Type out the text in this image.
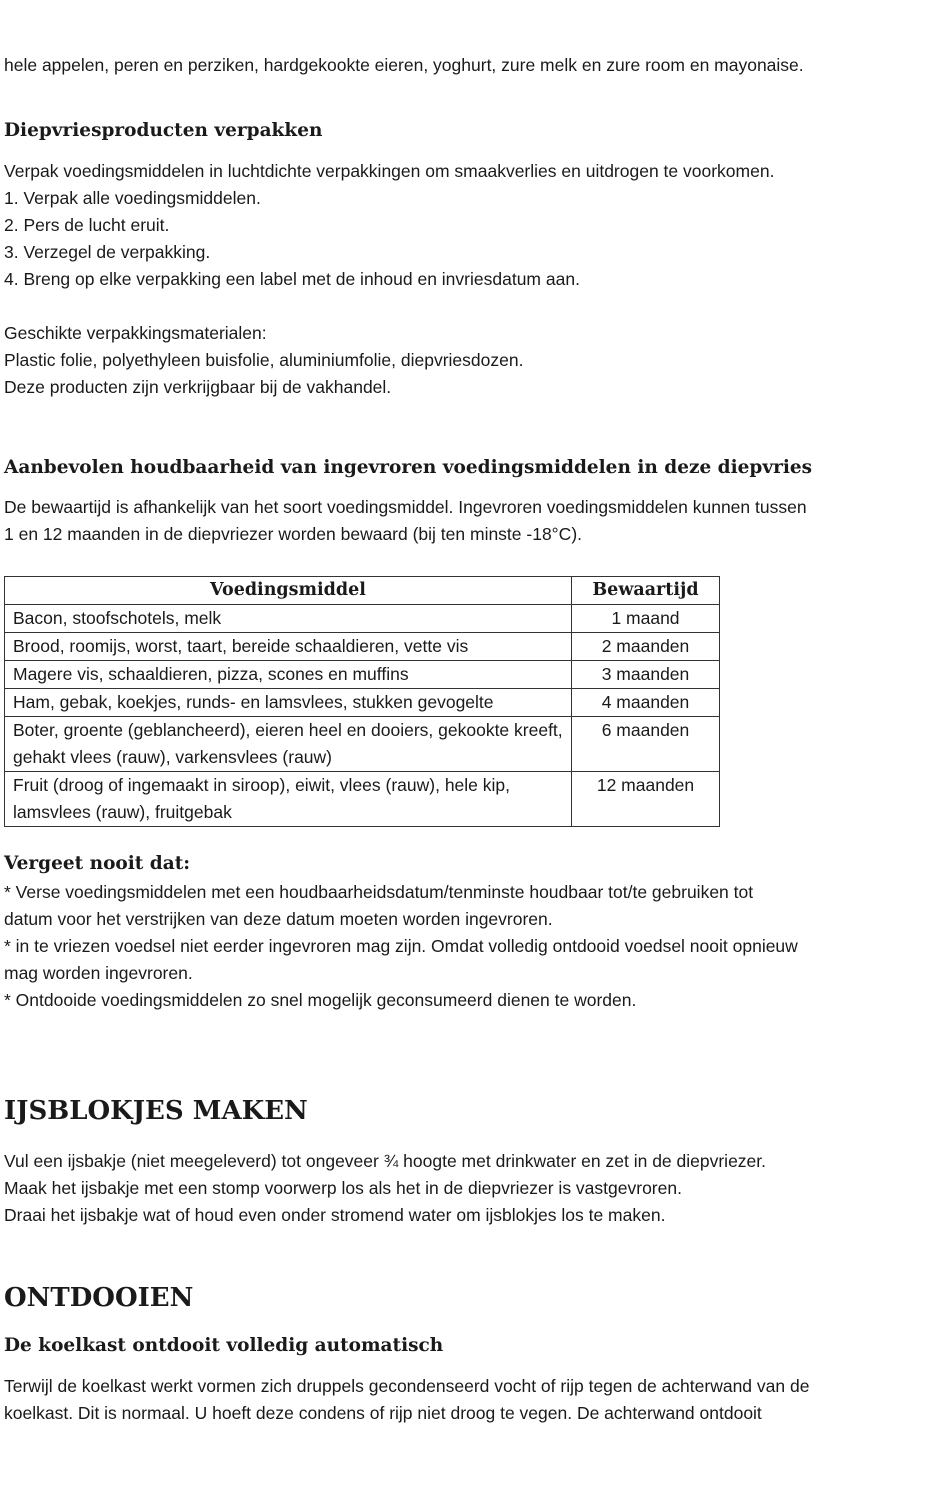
hele appelen, peren en perziken, hardgekookte eieren, yoghurt, zure melk en zure room en mayonaise.

Diepvriesproducten verpakken

Verpak voedingsmiddelen in luchtdichte verpakkingen om smaakverlies en uitdrogen te voorkomen.

1. Verpak alle voedingsmiddelen.

2. Pers de lucht eruit.

3. Verzegel de verpakking.

4. Breng op elke verpakking een label met de inhoud en invriesdatum aan.

Geschikte verpakkingsmaterialen:

Plastic folie, polyethyleen buisfolie, aluminiumfolie, diepvriesdozen.

Deze producten zijn verkrijgbaar bij de vakhandel.

Aanbevolen houdbaarheid van ingevroren voedingsmiddelen in deze diepvries

De bewaartijd is afhankelijk van het soort voedingsmiddel. Ingevroren voedingsmiddelen kunnen tussen

1 en 12 maanden in de diepvriezer worden bewaard (bij ten minste -18°C).

Voedingsmiddel	Bewaartijd
Bacon, stoofschotels, melk	1 maand
Brood, roomijs, worst, taart, bereide schaaldieren, vette vis	2 maanden
Magere vis, schaaldieren, pizza, scones en muffins	3 maanden
Ham, gebak, koekjes, runds- en lamsvlees, stukken gevogelte	4 maanden
Boter, groente (geblancheerd), eieren heel en dooiers, gekookte kreeft, gehakt vlees (rauw), varkensvlees (rauw)	6 maanden
Fruit (droog of ingemaakt in siroop), eiwit, vlees (rauw), hele kip, lamsvlees (rauw), fruitgebak	12 maanden
Vergeet nooit dat:

* Verse voedingsmiddelen met een houdbaarheidsdatum/tenminste houdbaar tot/te gebruiken tot

datum voor het verstrijken van deze datum moeten worden ingevroren.

* in te vriezen voedsel niet eerder ingevroren mag zijn. Omdat volledig ontdooid voedsel nooit opnieuw

mag worden ingevroren.

* Ontdooide voedingsmiddelen zo snel mogelijk geconsumeerd dienen te worden.

IJSBLOKJES MAKEN

Vul een ijsbakje (niet meegeleverd) tot ongeveer ¾ hoogte met drinkwater en zet in de diepvriezer.

Maak het ijsbakje met een stomp voorwerp los als het in de diepvriezer is vastgevroren.

Draai het ijsbakje wat of houd even onder stromend water om ijsblokjes los te maken.

ONTDOOIEN
De koelkast ontdooit volledig automatisch

Terwijl de koelkast werkt vormen zich druppels gecondenseerd vocht of rijp tegen de achterwand van de

koelkast. Dit is normaal. U hoeft deze condens of rijp niet droog te vegen. De achterwand ontdooit
